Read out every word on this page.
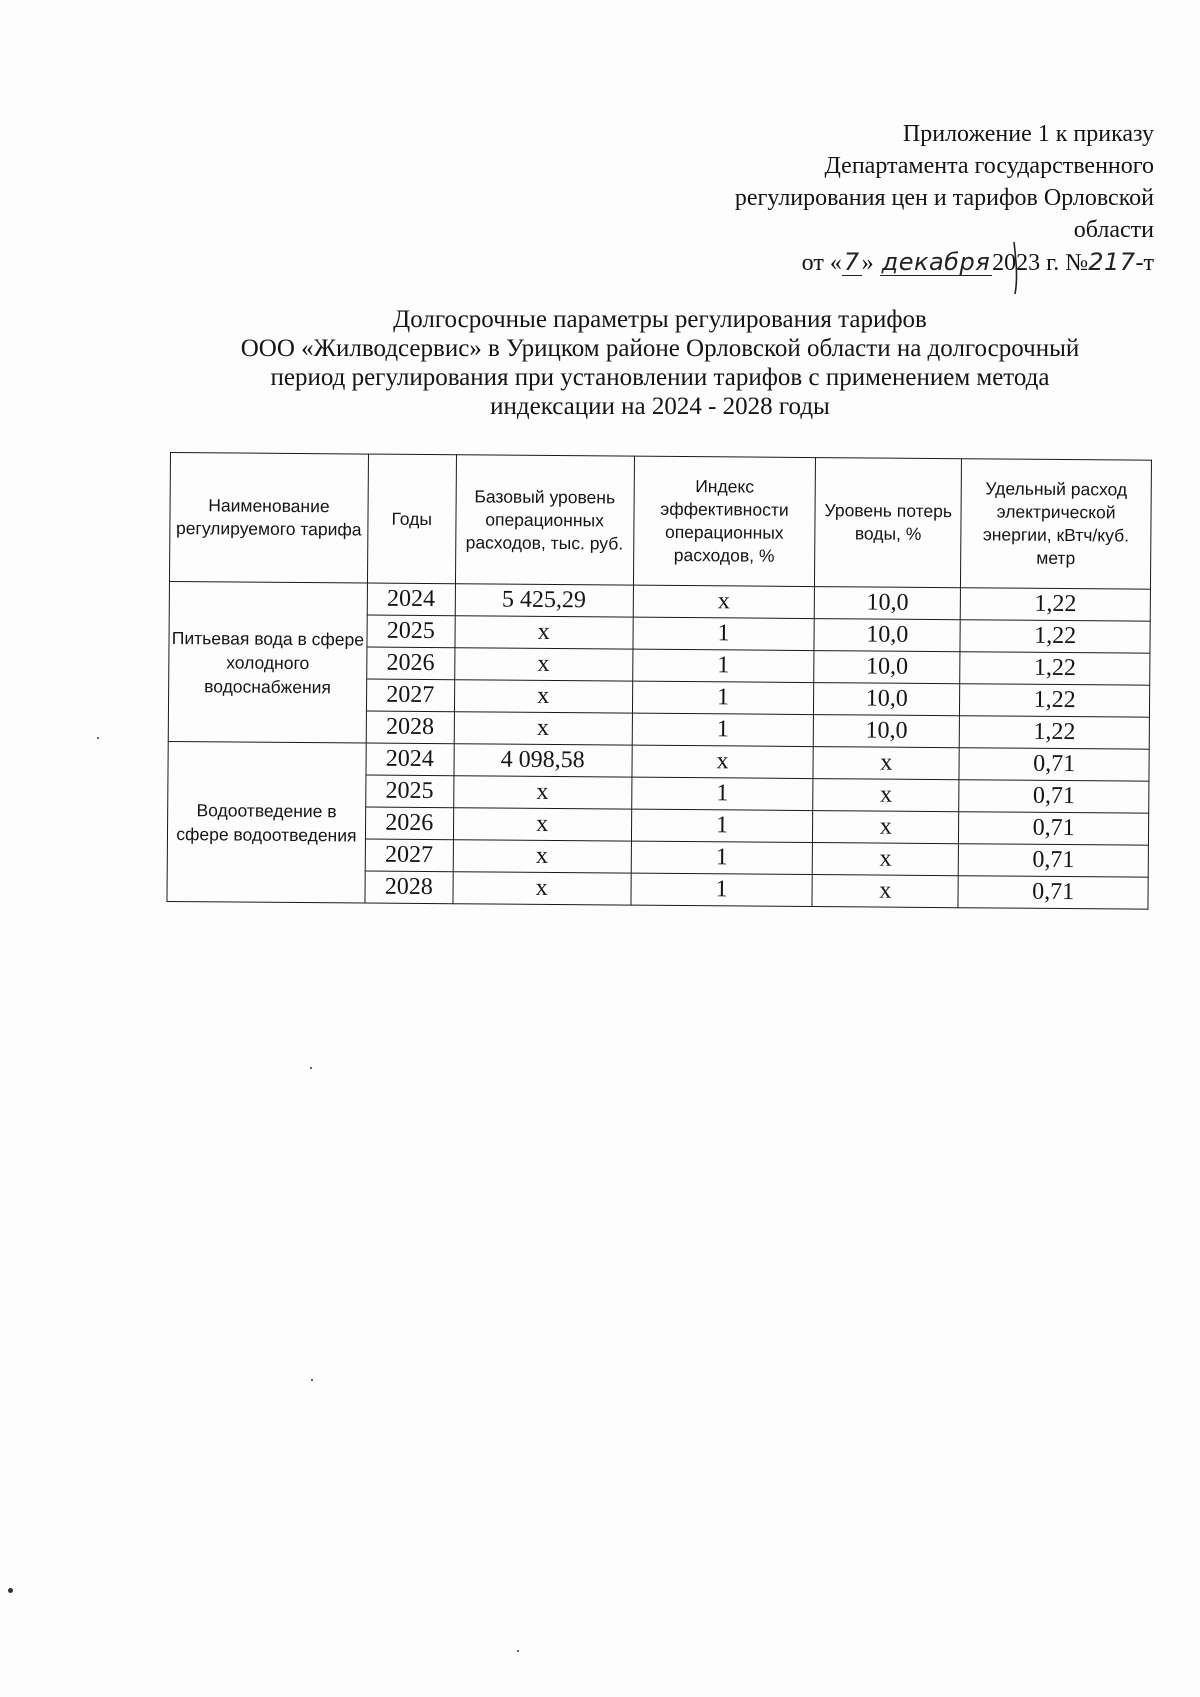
Приложение 1 к приказу
Департамента государственного
регулирования цен и тарифов Орловской
области
от «7» декабря2023 г. №217-т
Долгосрочные параметры регулирования тарифов
ООО «Жилводсервис» в Урицком районе Орловской области на долгосрочный
период регулирования при установлении тарифов с применением метода
индексации на 2024 - 2028 годы
Наименование регулируемого тарифа	Годы	Базовый уровень операционных расходов, тыс. руб.	Индекс эффективности операционных расходов, %	Уровень потерь воды, %	Удельный расход электрической энергии, кВтч/куб. метр
Питьевая вода в сфере холодного водоснабжения	2024	5 425,29	х	10,0	1,22
	2025	х	1	10,0	1,22
	2026	х	1	10,0	1,22
	2027	х	1	10,0	1,22
	2028	х	1	10,0	1,22
Водоотведение в сфере водоотведения	2024	4 098,58	х	х	0,71
	2025	х	1	х	0,71
	2026	х	1	х	0,71
	2027	х	1	х	0,71
	2028	х	1	х	0,71
